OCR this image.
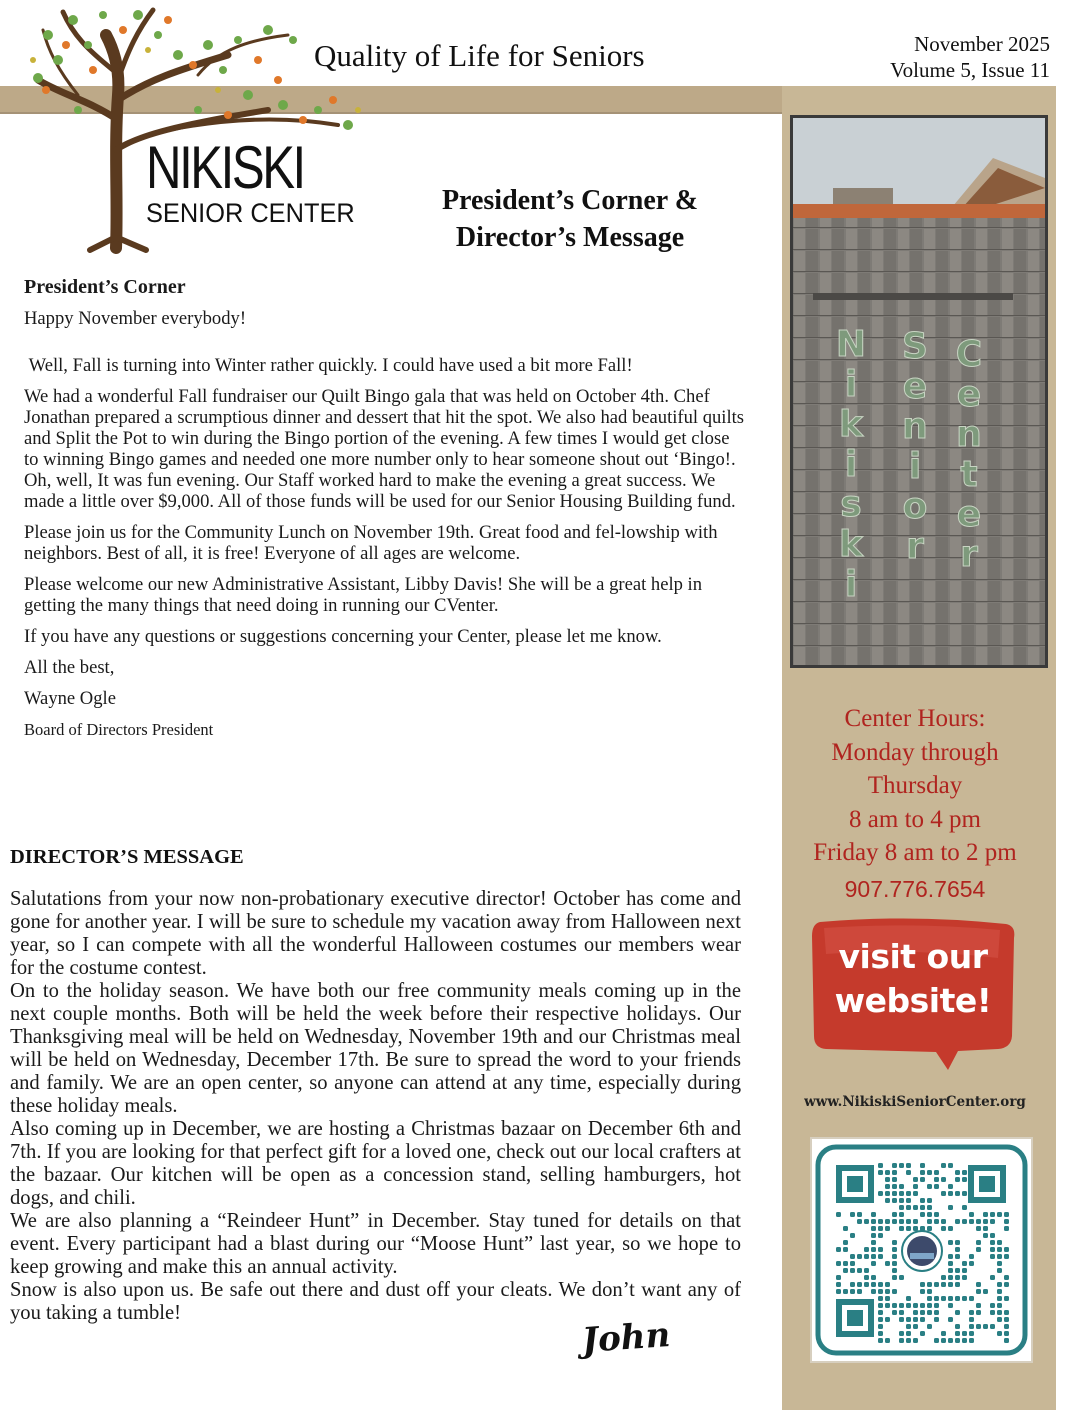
Quality of Life for Seniors	November 2025
Volume 5, Issue 11
N
i
k
i
s
k
i
S
e
n
i
o
r
C
e
n
t
e
r
Center Hours:
Monday through
Thursday
8 am to 4 pm
Friday 8 am to 2 pm
907.776.7654
visit our
website!
www.NikiskiSeniorCenter.org
NIKISKI
SENIOR CENTER	President’s Corner &
Director’s Message
President’s Corner

Happy November everybody!

Well, Fall is turning into Winter rather quickly. I could have used a bit more Fall!

We had a wonderful Fall fundraiser our Quilt Bingo gala that was held on October 4th. Chef Jonathan prepared a scrumptious dinner and dessert that hit the spot. We also had beautiful quilts and Split the Pot to win during the Bingo portion of the evening. A few times I would get close to winning Bingo games and needed one more number only to hear someone shout out ‘Bingo!. Oh, well, It was fun evening. Our Staff worked hard to make the evening a great success. We made a little over $9,000. All of those funds will be used for our Senior Housing Building fund.

Please join us for the Community Lunch on November 19th. Great food and fel-lowship with neighbors. Best of all, it is free! Everyone of all ages are welcome.

Please welcome our new Administrative Assistant, Libby Davis! She will be a great help in getting the many things that need doing in running our CVenter.

If you have any questions or suggestions concerning your Center, please let me know.

All the best,

Wayne Ogle

Board of Directors President

DIRECTOR’S MESSAGE

Salutations from your now non-probationary executive director! October has come and gone for another year. I will be sure to schedule my vacation away from Halloween next year, so I can compete with all the wonderful Halloween costumes our members wear for the costume contest.

On to the holiday season. We have both our free community meals coming up in the next couple months. Both will be held the week before their respective holidays. Our Thanksgiving meal will be held on Wednesday, November 19th and our Christmas meal will be held on Wednesday, December 17th. Be sure to spread the word to your friends and family. We are an open center, so anyone can attend at any time, especially during these holiday meals.

Also coming up in December, we are hosting a Christmas bazaar on December 6th and 7th. If you are looking for that perfect gift for a loved one, check out our local crafters at the bazaar. Our kitchen will be open as a concession stand, selling hamburgers, hot dogs, and chili.

We are also planning a “Reindeer Hunt” in December. Stay tuned for details on that event. Every participant had a blast during our “Moose Hunt” last year, so we hope to keep growing and make this an annual activity.

Snow is also upon us. Be safe out there and dust off your cleats. We don’t want any of you taking a tumble!

John
